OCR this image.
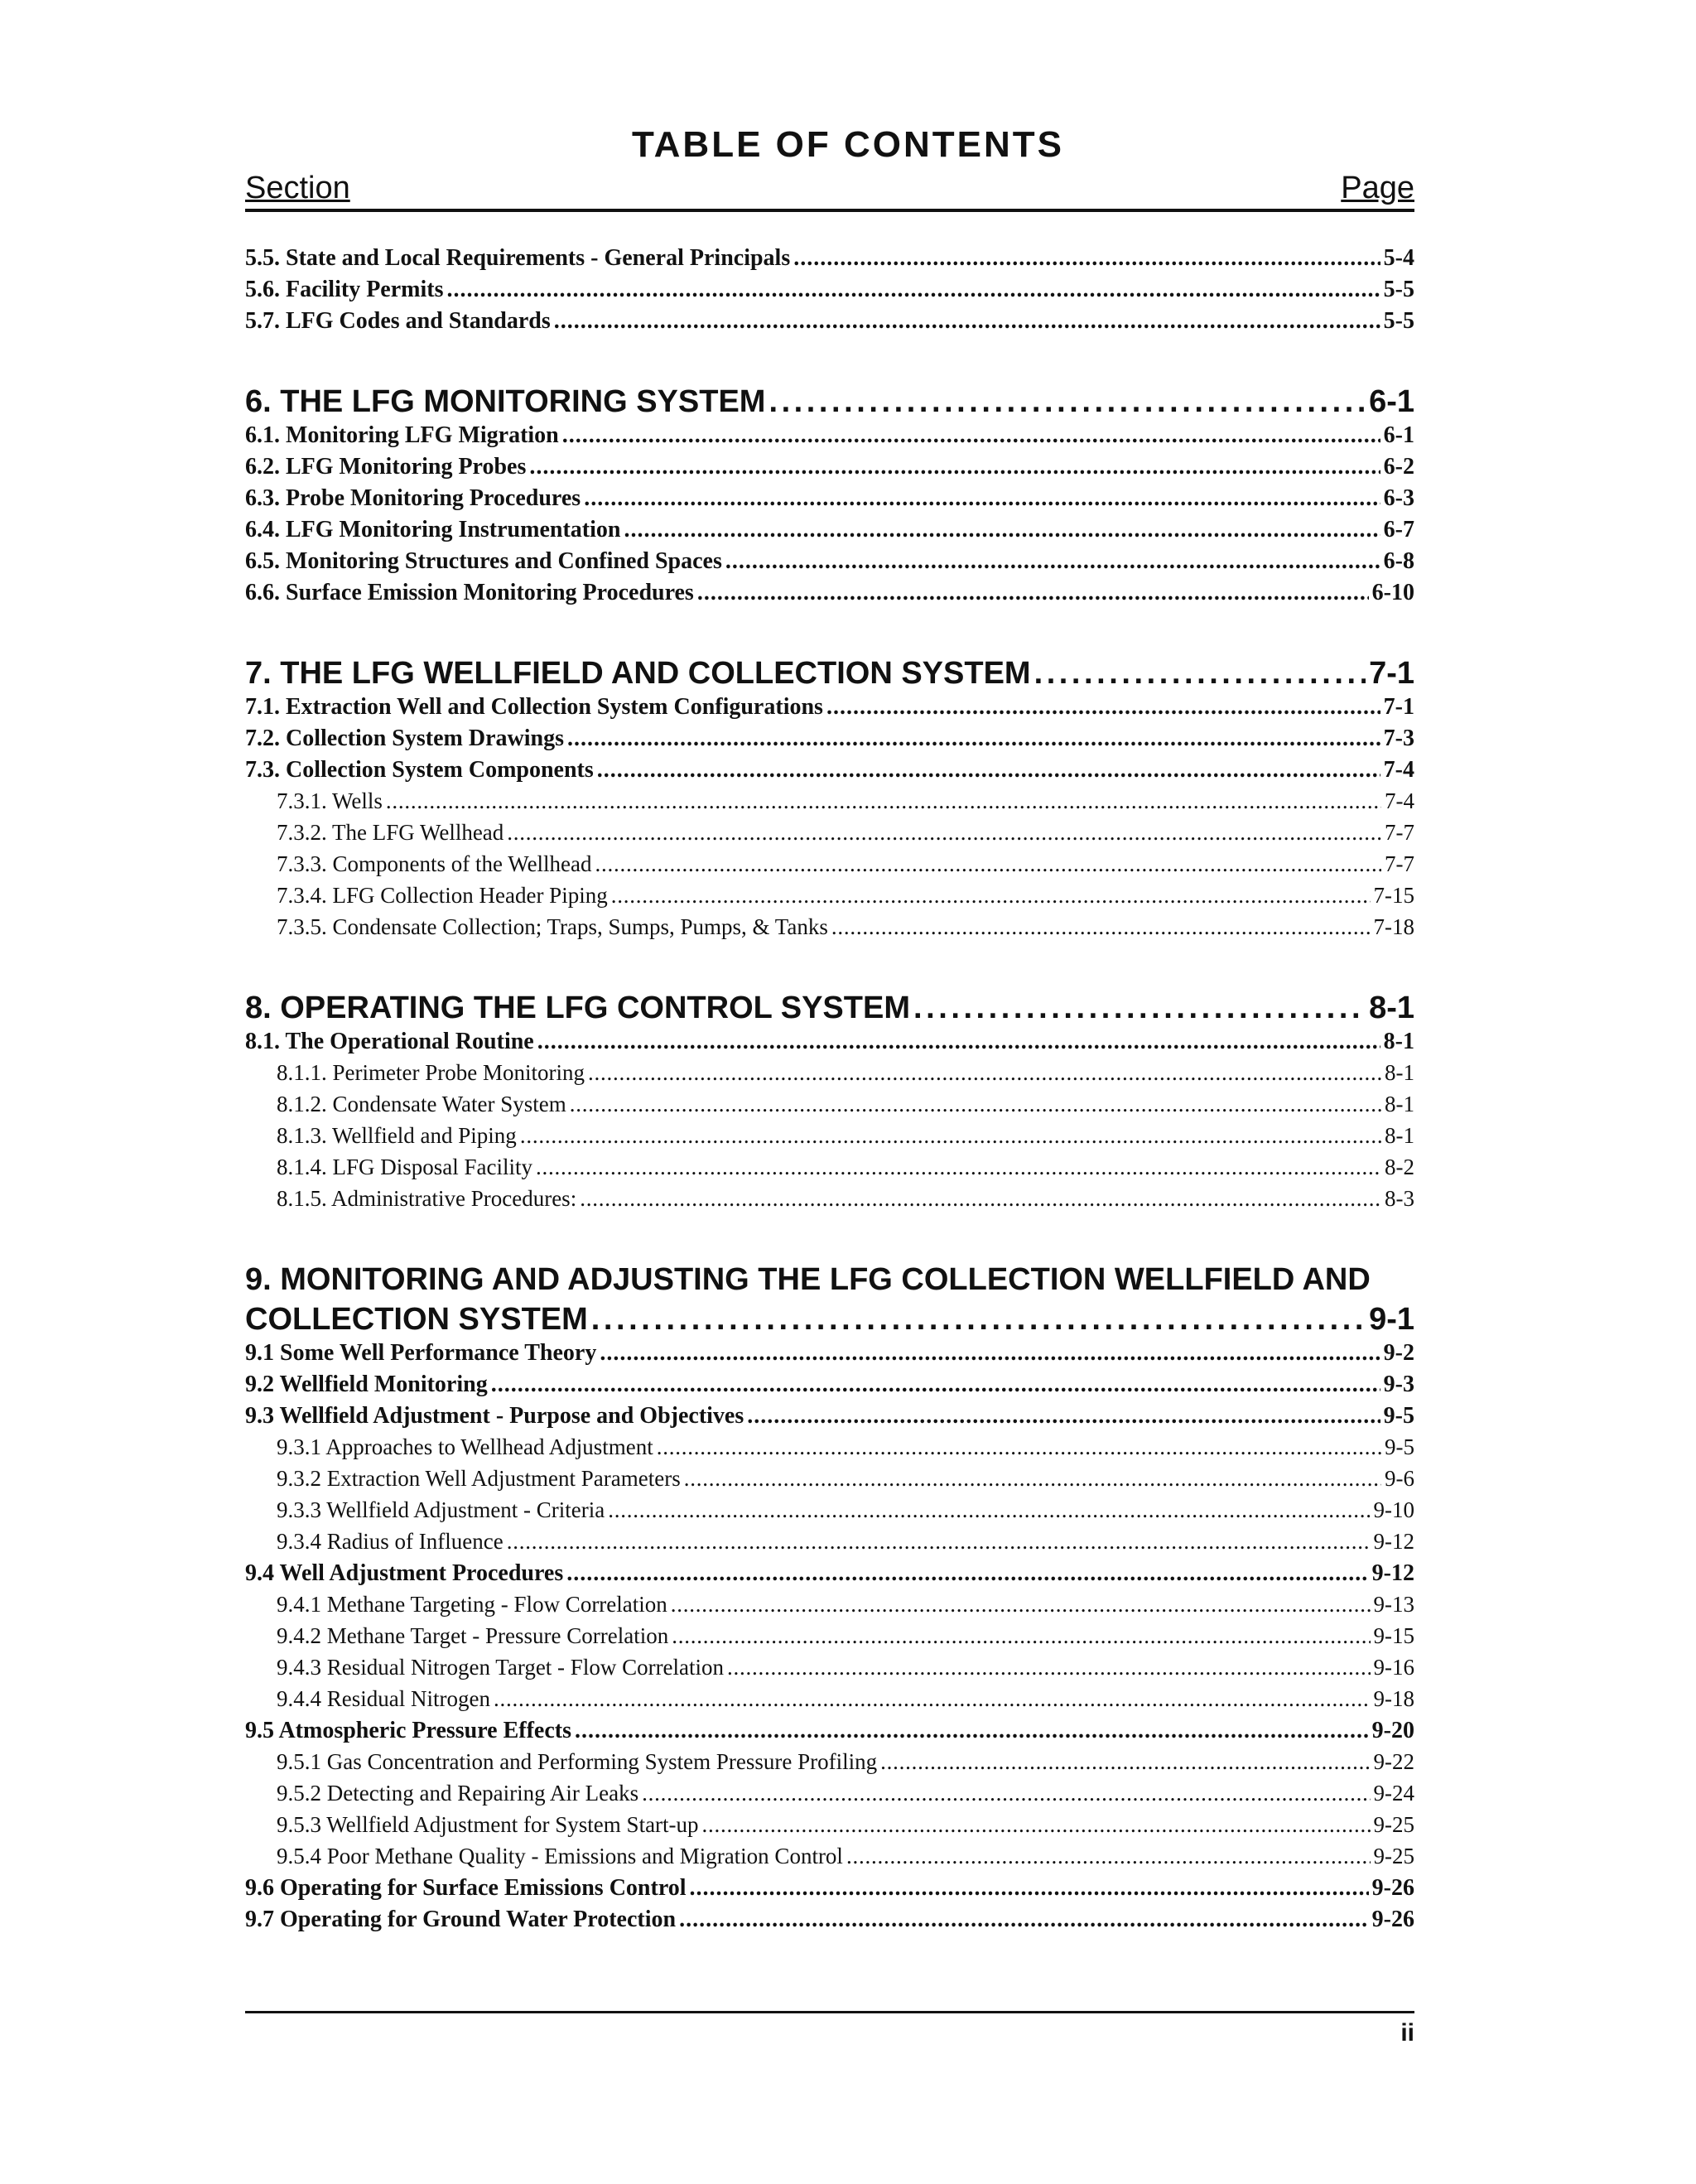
TABLE OF CONTENTS
Section	Page
5.5. State and Local Requirements - General Principals . . .	5-4
5.6. Facility Permits . . .	5-5
5.7. LFG Codes and Standards . . .	5-5
6. THE LFG MONITORING SYSTEM . . .	6-1
6.1. Monitoring LFG Migration . . .	6-1
6.2. LFG Monitoring Probes . . .	6-2
6.3. Probe Monitoring Procedures . . .	6-3
6.4. LFG Monitoring Instrumentation . . .	6-7
6.5. Monitoring Structures and Confined Spaces . . .	6-8
6.6. Surface Emission Monitoring Procedures . . .	6-10
7. THE LFG WELLFIELD AND COLLECTION SYSTEM . . .	7-1
7.1. Extraction Well and Collection System Configurations . . .	7-1
7.2. Collection System Drawings . . .	7-3
7.3. Collection System Components . . .	7-4
7.3.1. Wells . . .	7-4
7.3.2. The LFG Wellhead . . .	7-7
7.3.3. Components of the Wellhead . . .	7-7
7.3.4. LFG Collection Header Piping . . .	7-15
7.3.5. Condensate Collection; Traps, Sumps, Pumps, & Tanks . . .	7-18
8. OPERATING THE LFG CONTROL SYSTEM . . .	8-1
8.1. The Operational Routine . . .	8-1
8.1.1. Perimeter Probe Monitoring . . .	8-1
8.1.2. Condensate Water System . . .	8-1
8.1.3. Wellfield and Piping . . .	8-1
8.1.4. LFG Disposal Facility . . .	8-2
8.1.5. Administrative Procedures: . . .	8-3
9. MONITORING AND ADJUSTING THE LFG COLLECTION WELLFIELD AND
COLLECTION SYSTEM . . .	9-1
9.1 Some Well Performance Theory . . .	9-2
9.2 Wellfield Monitoring . . .	9-3
9.3 Wellfield Adjustment - Purpose and Objectives . . .	9-5
9.3.1 Approaches to Wellhead Adjustment . . .	9-5
9.3.2 Extraction Well Adjustment Parameters . . .	9-6
9.3.3 Wellfield Adjustment - Criteria . . .	9-10
9.3.4 Radius of Influence . . .	9-12
9.4 Well Adjustment Procedures . . .	9-12
9.4.1 Methane Targeting - Flow Correlation . . .	9-13
9.4.2 Methane Target - Pressure Correlation . . .	9-15
9.4.3 Residual Nitrogen Target - Flow Correlation . . .	9-16
9.4.4 Residual Nitrogen . . .	9-18
9.5 Atmospheric Pressure Effects . . .	9-20
9.5.1 Gas Concentration and Performing System Pressure Profiling . . .	9-22
9.5.2 Detecting and Repairing Air Leaks . . .	9-24
9.5.3 Wellfield Adjustment for System Start-up . . .	9-25
9.5.4 Poor Methane Quality - Emissions and Migration Control . . .	9-25
9.6 Operating for Surface Emissions Control . . .	9-26
9.7 Operating for Ground Water Protection . . .	9-26
ii
